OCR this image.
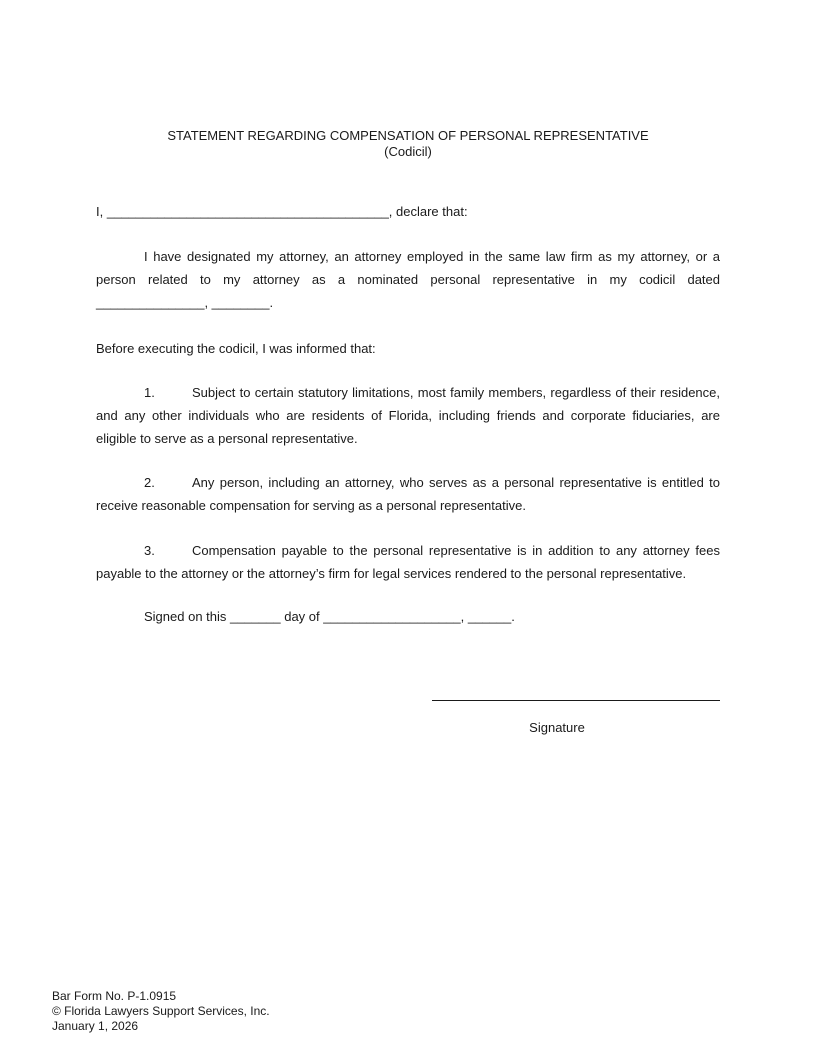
STATEMENT REGARDING COMPENSATION OF PERSONAL REPRESENTATIVE
(Codicil)
I, _______________________________________, declare that:
I have designated my attorney, an attorney employed in the same law firm as my attorney, or a person related to my attorney as a nominated personal representative in my codicil dated _______________, ________.
Before executing the codicil, I was informed that:
1.	Subject to certain statutory limitations, most family members, regardless of their residence, and any other individuals who are residents of Florida, including friends and corporate fiduciaries, are eligible to serve as a personal representative.
2.	Any person, including an attorney, who serves as a personal representative is entitled to receive reasonable compensation for serving as a personal representative.
3.	Compensation payable to the personal representative is in addition to any attorney fees payable to the attorney or the attorney’s firm for legal services rendered to the personal representative.
Signed on this _______ day of ___________________, ______.
Signature
Bar Form No. P-1.0915
© Florida Lawyers Support Services, Inc.
January 1, 2026
